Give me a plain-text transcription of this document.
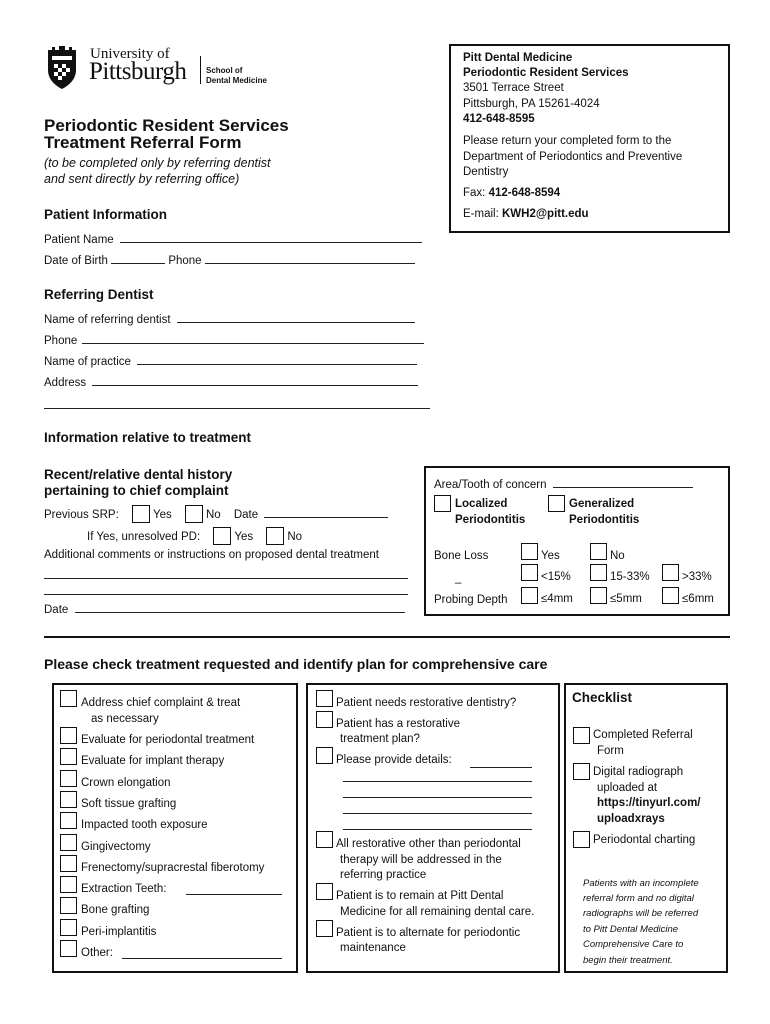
University of
Pittsburgh School of
Dental Medicine
Periodontic Resident Services
Treatment Referral Form
(to be completed only by referring dentist
and sent directly by referring office)
Pitt Dental Medicine
Periodontic Resident Services
3501 Terrace Street
Pittsburgh, PA 15261-4024
412-648-8595
Please return your completed form to the
Department of Periodontics and Preventive
Dentistry
Fax: 412-648-8594
E-mail: KWH2@pitt.edu
Patient Information
Patient Name
Date of Birth	Phone
Referring Dentist
Name of referring dentist
Phone
Name of practice
Address
Information relative to treatment
Recent/relative dental history
pertaining to chief complaint
Previous SRP:	Yes	No Date
If Yes, unresolved PD:	Yes	No
Additional comments or instructions on proposed dental treatment
Date
Area/Tooth of concern
Localized
Periodontitis
Generalized
Periodontitis
Bone Loss	Yes	No
_	<15%	15-33%	>33%
Probing Depth	≤4mm	≤5mm	≤6mm
Please check treatment requested and identify plan for comprehensive care
Address chief complaint & treat
Evaluate for periodontal treatment
Evaluate for implant therapy
Crown elongation
Soft tissue grafting
Impacted tooth exposure
Gingivectomy
Frenectomy/supracrestal fiberotomy
Extraction Teeth:
Bone grafting
Peri-implantitis
Other:
as necessary
Patient needs restorative dentistry?
Patient has a restorative
treatment plan?
Please provide details:
All restorative other than periodontal
therapy will be addressed in the
referring practice
Patient is to remain at Pitt Dental
Medicine for all remaining dental care.
Patient is to alternate for periodontic
maintenance
Checklist
Completed Referral
Form
Digital radiograph
uploaded at
https://tinyurl.com/
uploadxrays
Periodontal charting
Patients with an incomplete
referral form and no digital
radiographs will be referred
to Pitt Dental Medicine
Comprehensive Care to
begin their treatment.
